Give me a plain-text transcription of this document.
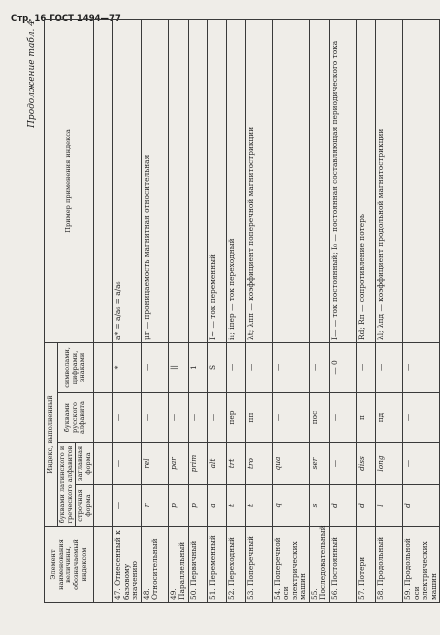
Стр. 16 ГОСТ 1494—77
Продолжение табл. 4
Элемент наименования величины, обозначаемый индексом	Индекс, выполненный				Пример применения индекса
	буквами латинского и греческого алфавитов		буквами русского алфавита	символами, цифрами, знаками	
	строчная форма	заглавная форма			

47. Отнесенный к базовому значению	—	—	—	*	a* = a/a₆ = a/a₆
48. Относительный	r	rel	—	—	μr — проницаемость магнитная относительная
49. Параллельный	p	par	—	||	
50. Первичный	p	prim	—	1	
51. Переменный	a	alt	—	S	I~ — ток переменный
52. Переходный	t	trt	пер	—	i₁; iпер — ток переходный
53. Поперечный	t	tro	пп	—	λt; λпп — коэффициент поперечной магнитострикции
54. Поперечной оси электрических машин	q	qua	—	—	
55. Последовательный	s	ser	пос	—	
56. Постоянный	d	—	—	— 0	I— — ток постоянный; I₀ — постоянная составляющая периодического тока
57. Потери	d	diss	п	—	Rd; Rп — сопротивление потерь
58. Продольный	l	long	пд	—	λl; λпд — коэффициент продольной магнитострикции
59. Продольной оси электрических машин	d	—	—	—	
